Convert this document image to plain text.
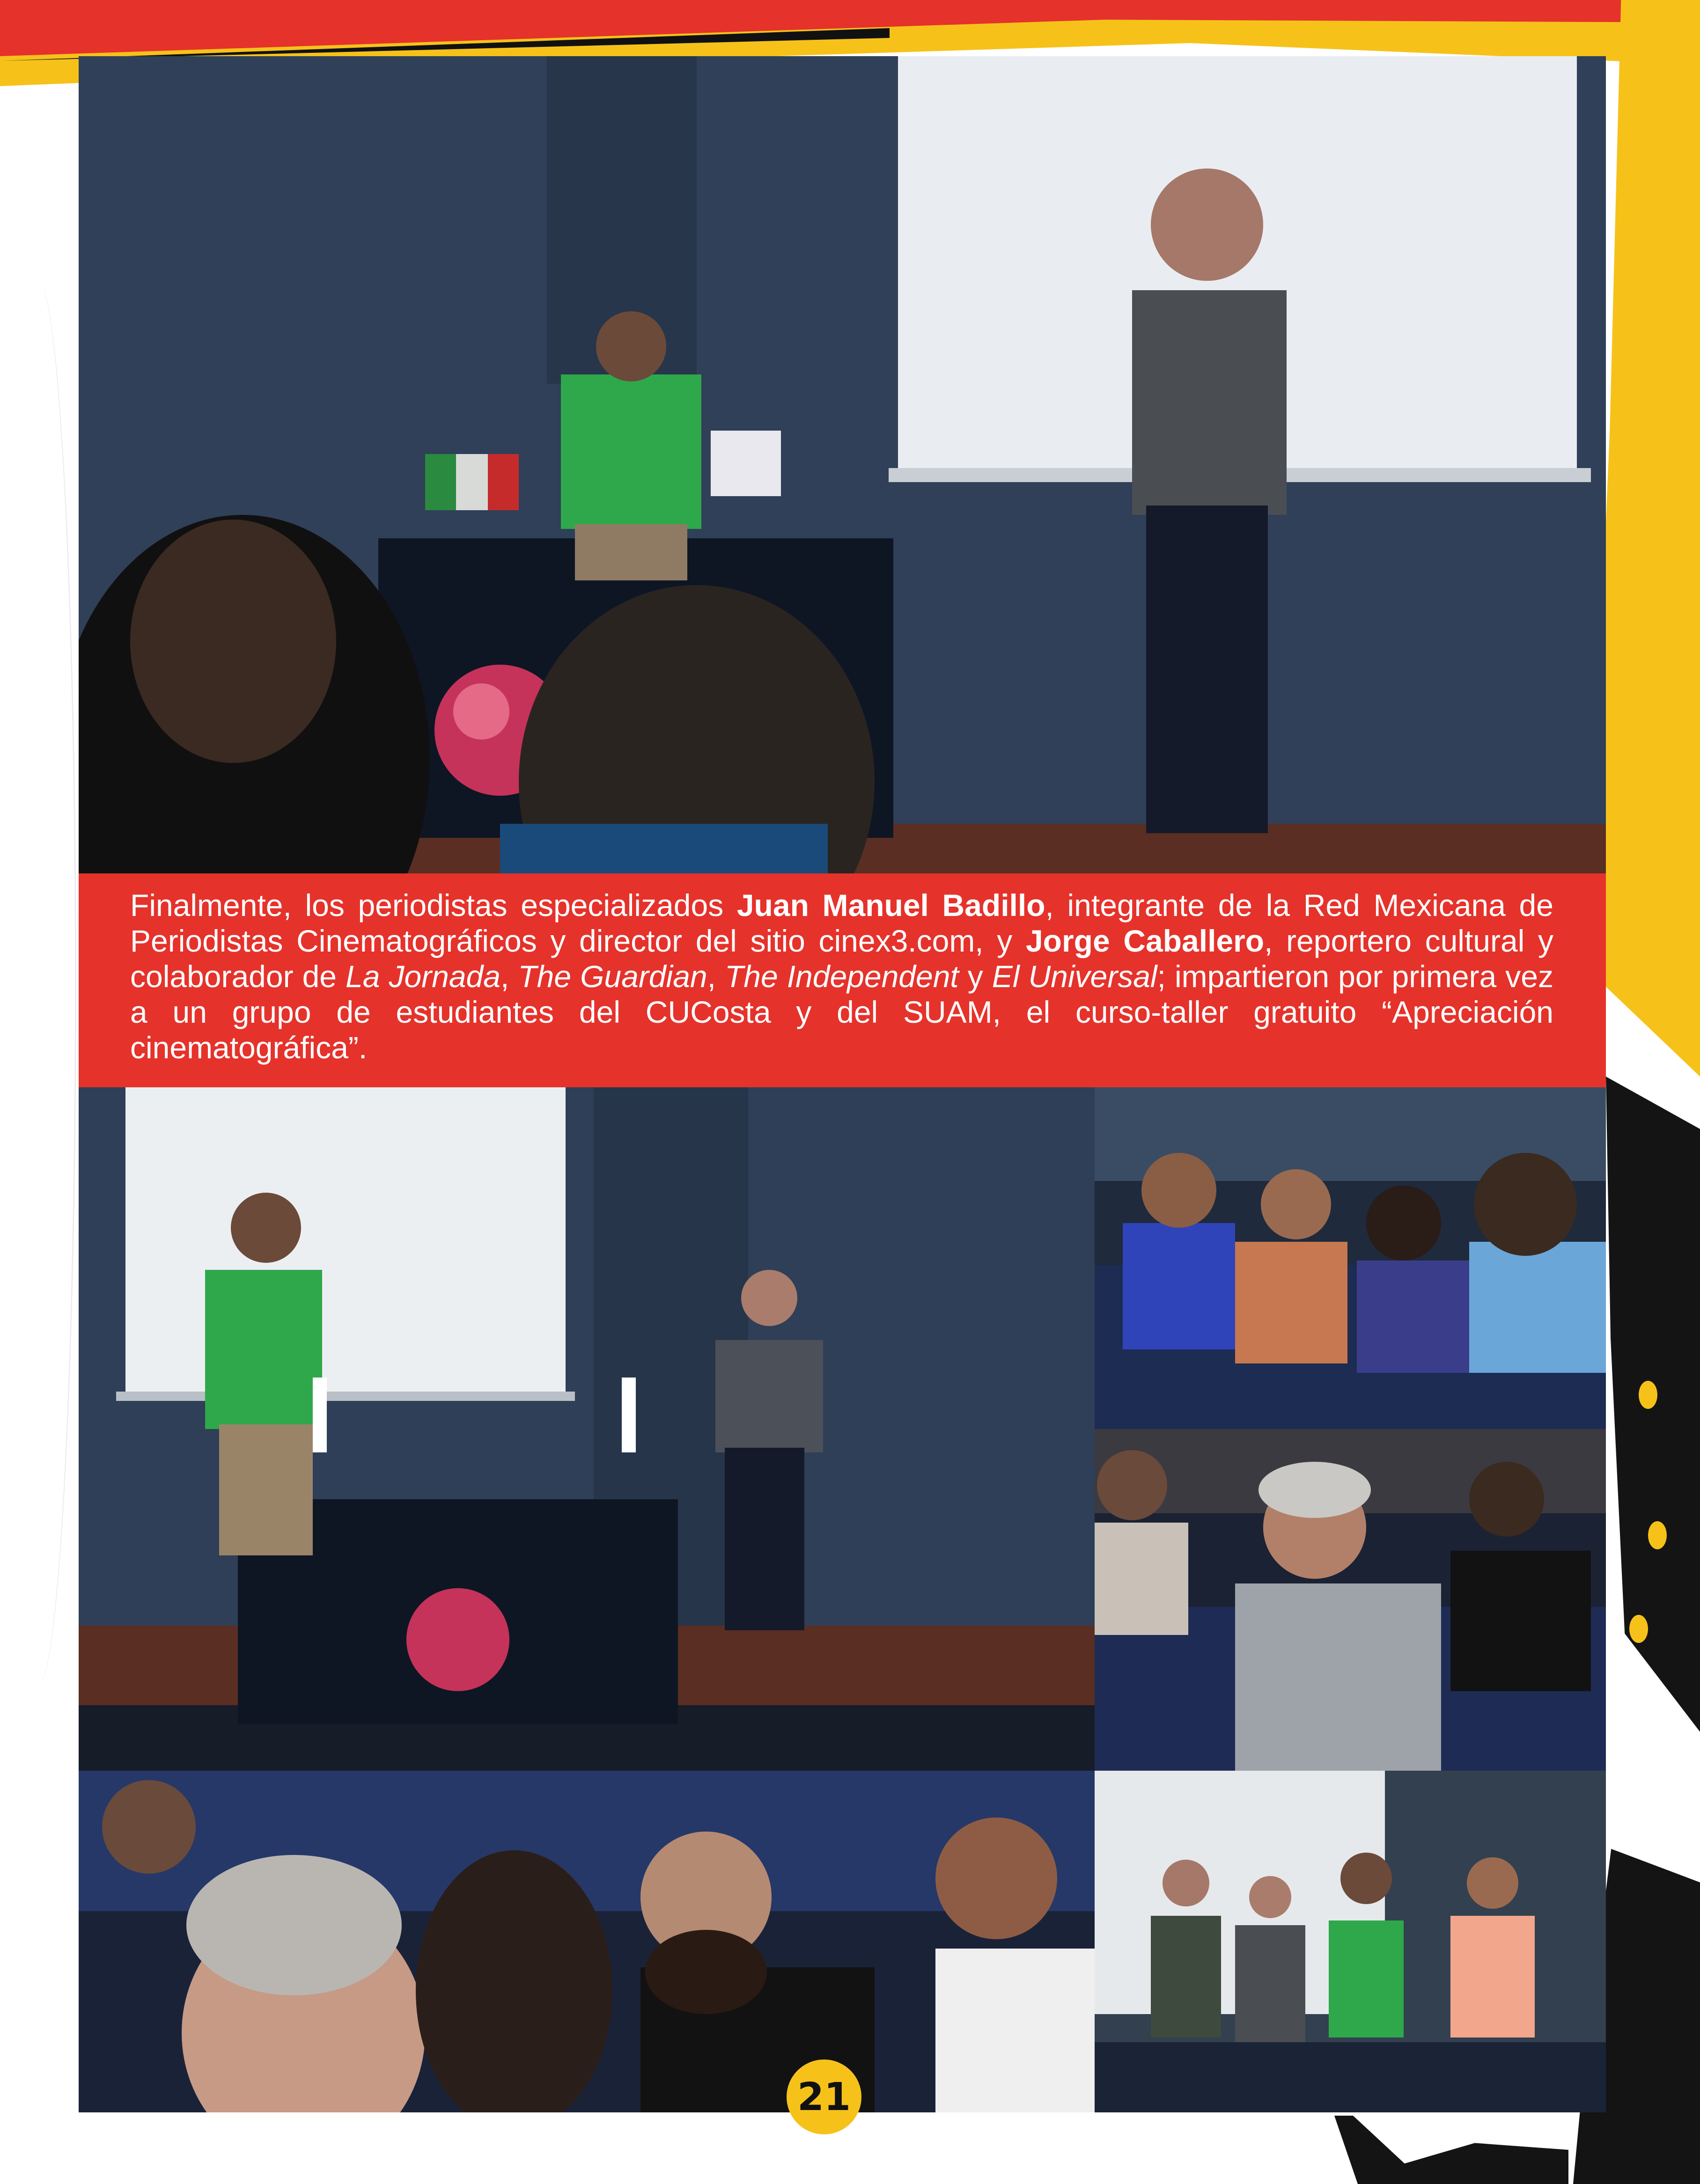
Finalmente, los periodistas especializados Juan Manuel Badillo, integrante de la Red Mexicana de Periodistas Cinematográficos y director del sitio cinex3.com, y Jorge Caballero, reportero cultural y colaborador de La Jornada, The Guardian, The Independent y El Universal; impartieron por primera vez a un grupo de estudiantes del CUCosta y del SUAM, el curso-taller gratuito “Apreciación cinematográfica”.

21
